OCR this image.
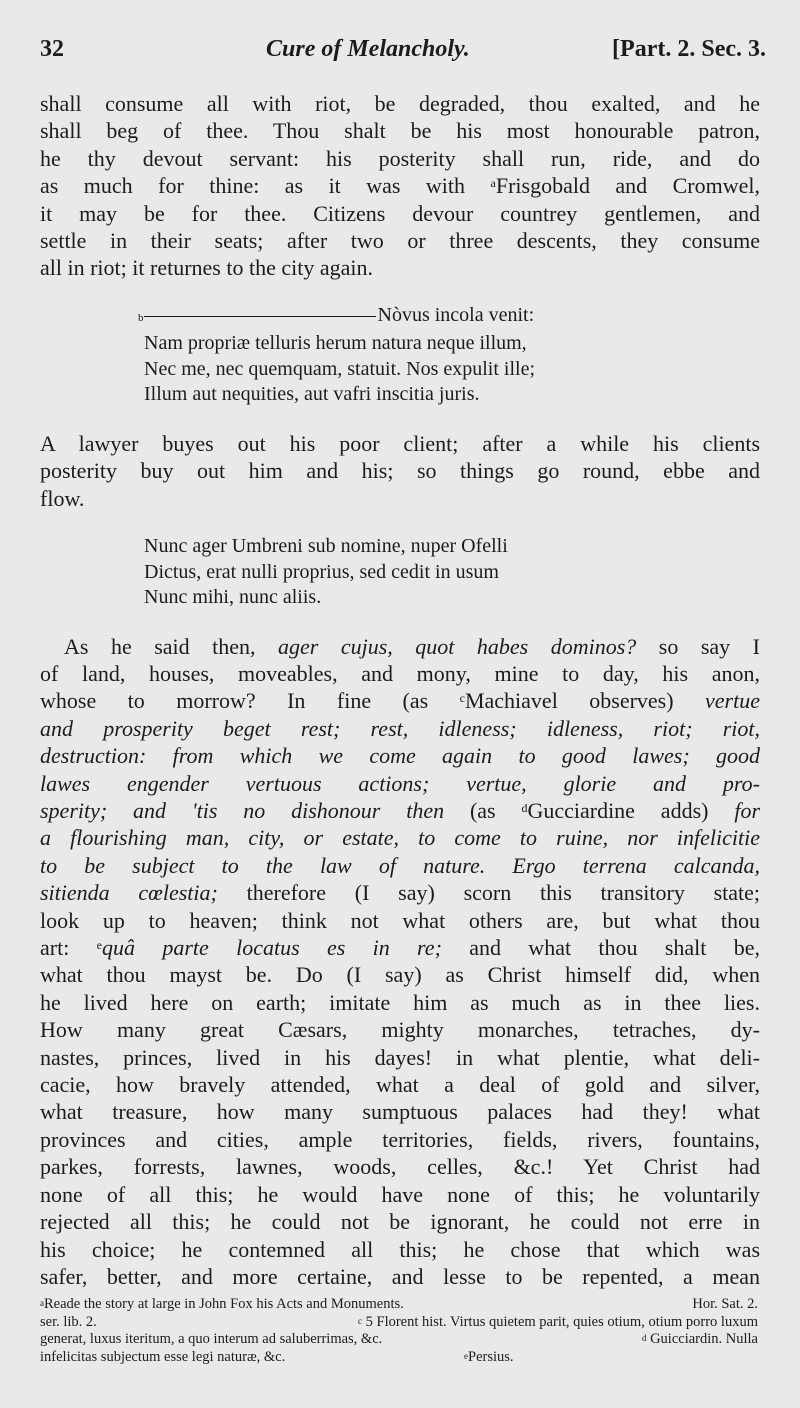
32	Cure of Melancholy.	[Part. 2. Sec. 3.

shall consume all with riot, be degraded, thou exalted, and he
shall beg of thee. Thou shalt be his most honourable patron,
he thy devout servant: his posterity shall run, ride, and do
as much for thine: as it was with $^a$Frisgobald and Cromwel,
it may be for thee. Citizens devour countrey gentlemen, and
settle in their seats; after two or three descents, they consume
all in riot; it returnes to the city again.

b	Nòvus incola venit:
Nam propriæ telluris herum natura neque illum,
Nec me, nec quemquam, statuit. Nos expulit ille;
Illum aut nequities, aut vafri inscitia juris.

A lawyer buyes out his poor client; after a while his clients
posterity buy out him and his; so things go round, ebbe and
flow.

Nunc ager Umbreni sub nomine, nuper Ofelli
Dictus, erat nulli proprius, sed cedit in usum
Nunc mihi, nunc aliis.

As he said then, ager cujus, quot habes dominos? so say I
of land, houses, moveables, and mony, mine to day, his anon,
whose to morrow? In fine (as	$^c$Machiavel observes) vertue
and prosperity beget rest; rest, idleness; idleness, riot; riot,
destruction: from which we come again to good lawes; good
lawes engender vertuous actions; vertue, glorie and pro-
sperity; and 'tis no dishonour then (as $^d$Gucciardine adds) for
a flourishing man, city, or estate, to come to ruine, nor infelicitie
to be subject to the law of nature. Ergo terrena calcanda,
sitienda cœlestia; therefore (I say) scorn this transitory state;
look up to heaven; think not what others are, but what thou
art: $^e$quâ parte locatus es in re; and what thou shalt be,
what thou mayst be. Do (I say) as Christ himself did, when
he lived here on earth; imitate him as much as in thee lies.
How many great Cæsars, mighty monarches, tetraches, dy-
nastes, princes, lived in his dayes! in what plentie, what deli-
cacie, how bravely attended, what a deal of gold and silver,
what treasure, how many sumptuous palaces had they! what
provinces and cities, ample territories, fields, rivers, fountains,
parkes, forrests, lawnes, woods, celles, &c.! Yet Christ had
none of all this; he would have none of this; he voluntarily
rejected all this; he could not be ignorant, he could not erre in
his choice; he contemned all this; he chose that which was
safer, better, and more certaine, and lesse to be repented, a mean

$^a$Reade the story at large in John Fox his Acts and Monuments.	Hor. Sat. 2.
ser. lib. 2.	$^c$ 5 Florent hist. Virtus quietem parit, quies otium, otium porro luxum
generat, luxus iteritum, a quo interum ad saluberrimas, &c.	$^d$ Guicciardin. Nulla
infelicitas subjectum esse legi naturæ, &c.	$^e$Persius.
